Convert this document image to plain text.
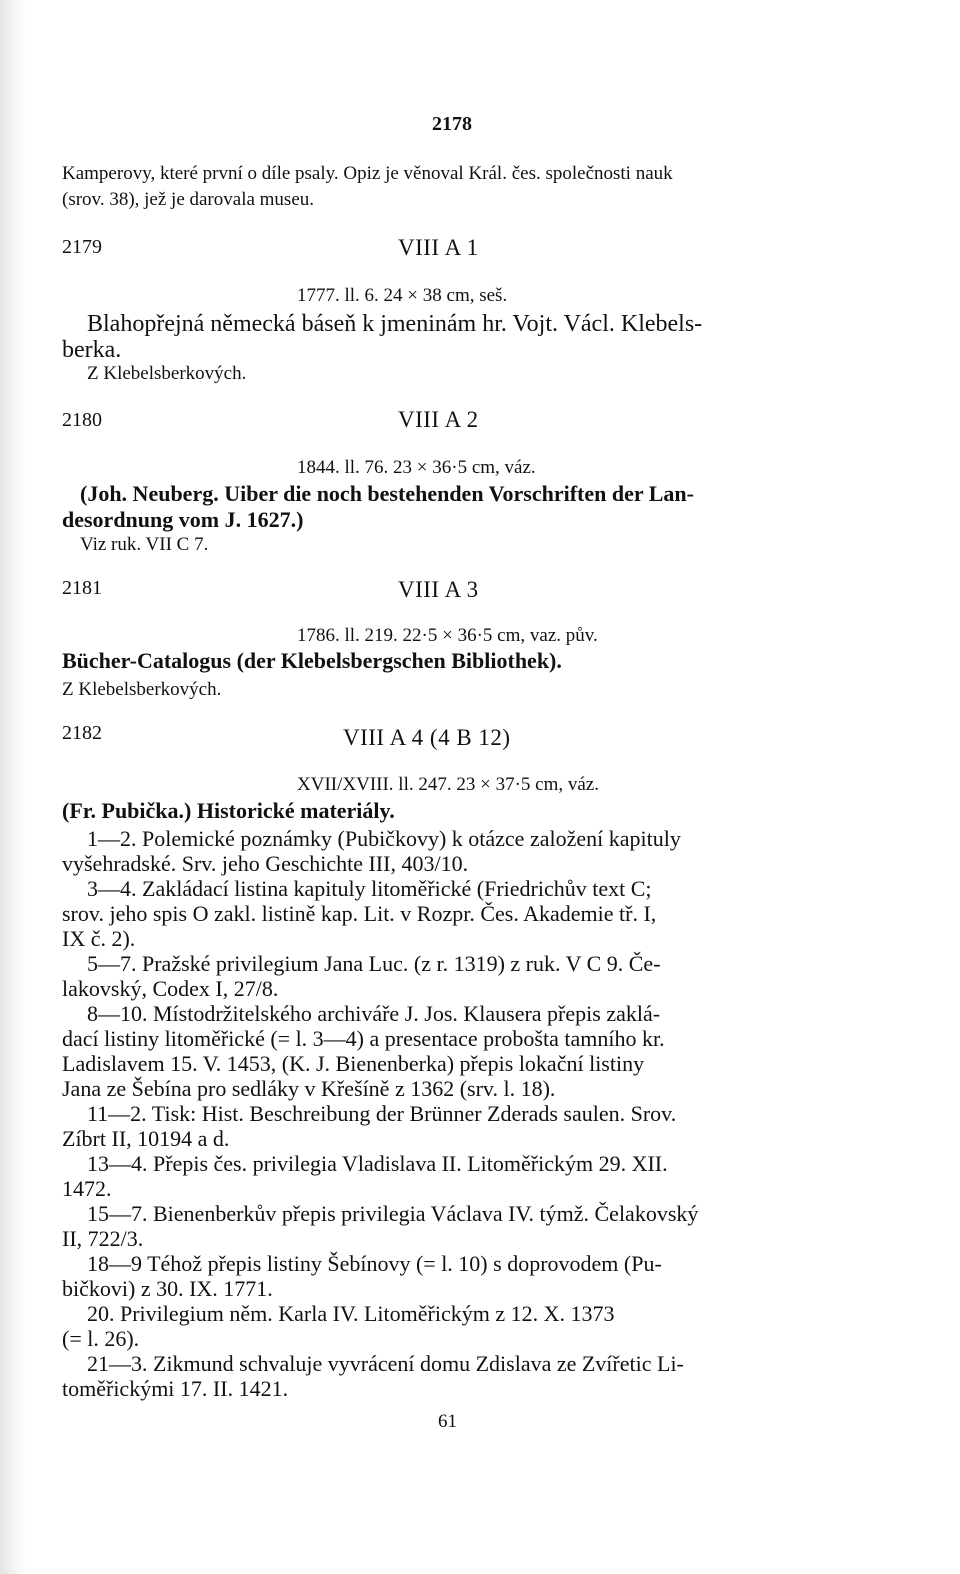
2178
Kamperovy, které první o díle psaly. Opiz je věnoval Král. čes. společnosti nauk
(srov. 38), jež je darovala museu.
2179	VIII A 1
1777. ll. 6. 24 × 38 cm, seš.
Blahopřejná německá báseň k jmeninám hr. Vojt. Václ. Klebels-
berka.
Z Klebelsberkových.
2180	VIII A 2
1844. ll. 76. 23 × 36·5 cm, váz.
(Joh. Neuberg. Uiber die noch bestehenden Vorschriften der Lan-
desordnung vom J. 1627.)
Viz ruk. VII C 7.
2181	VIII A 3
1786. ll. 219. 22·5 × 36·5 cm, vaz. pův.
Bücher-Catalogus (der Klebelsbergschen Bibliothek).
Z Klebelsberkových.
2182	VIII A 4 (4 B 12)
XVII/XVIII. ll. 247. 23 × 37·5 cm, váz.
(Fr. Pubička.) Historické materiály.
1—2. Polemické poznámky (Pubičkovy) k otázce založení kapituly
vyšehradské. Srv. jeho Geschichte III, 403/10.
3—4. Zakládací listina kapituly litoměřické (Friedrichův text C;
srov. jeho spis O zakl. listině kap. Lit. v Rozpr. Čes. Akademie tř. I,
IX č. 2).
5—7. Pražské privilegium Jana Luc. (z r. 1319) z ruk. V C 9. Če-
lakovský, Codex I, 27/8.
8—10. Místodržitelského archiváře J. Jos. Klausera přepis zaklá-
dací listiny litoměřické (= l. 3—4) a presentace probošta tamního kr.
Ladislavem 15. V. 1453, (K. J. Bienenberka) přepis lokační listiny
Jana ze Šebína pro sedláky v Křešíně z 1362 (srv. l. 18).
11—2. Tisk: Hist. Beschreibung der Brünner Zderads saulen. Srov.
Zíbrt II, 10194 a d.
13—4. Přepis čes. privilegia Vladislava II. Litoměřickým 29. XII.
1472.
15—7. Bienenberkův přepis privilegia Václava IV. týmž. Čelakovský
II, 722/3.
18—9 Téhož přepis listiny Šebínovy (= l. 10) s doprovodem (Pu-
bičkovi) z 30. IX. 1771.
20. Privilegium něm. Karla IV. Litoměřickým z 12. X. 1373
(= l. 26).
21—3. Zikmund schvaluje vyvrácení domu Zdislava ze Zvířetic Li-
toměřickými 17. II. 1421.
61
